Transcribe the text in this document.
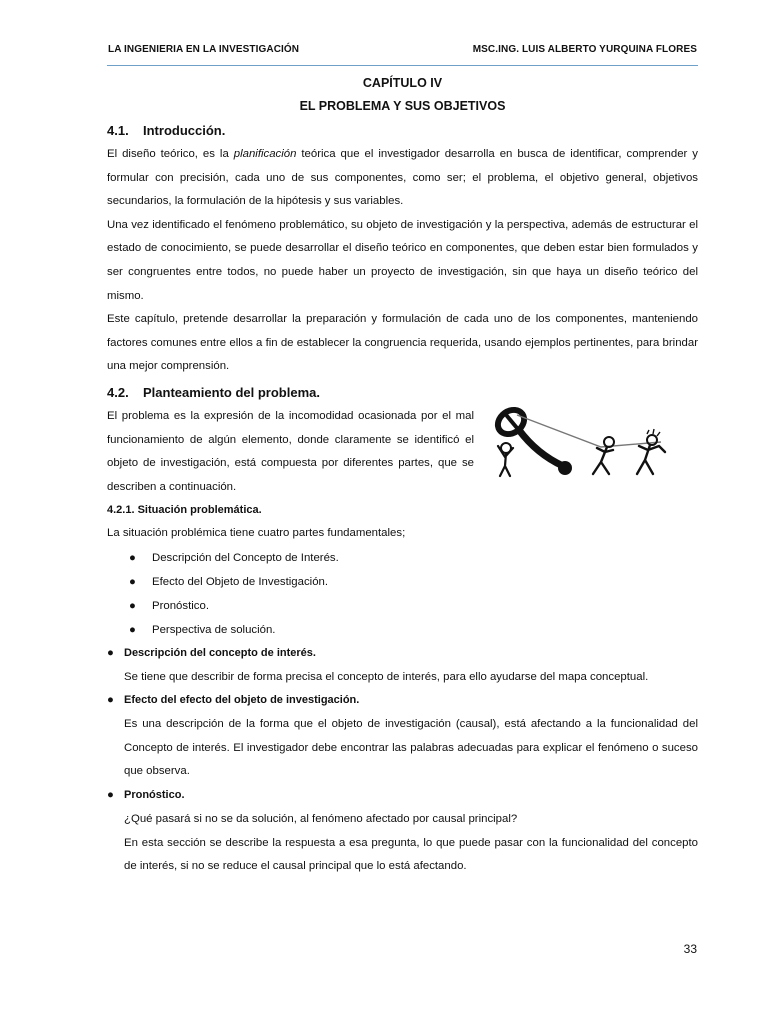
LA INGENIERIA EN LA INVESTIGACIÓN	MSC.ING. LUIS ALBERTO YURQUINA FLORES
CAPÍTULO IV
EL PROBLEMA Y SUS OBJETIVOS
4.1. Introducción.

El diseño teórico, es la planificación teórica que el investigador desarrolla en busca de identificar, comprender y formular con precisión, cada uno de sus componentes, como ser; el problema, el objetivo general, objetivos secundarios, la formulación de la hipótesis y sus variables.

Una vez identificado el fenómeno problemático, su objeto de investigación y la perspectiva, además de estructurar el estado de conocimiento, se puede desarrollar el diseño teórico en componentes, que deben estar bien formulados y ser congruentes entre todos, no puede haber un proyecto de investigación, sin que haya un diseño teórico del mismo.

Este capítulo, pretende desarrollar la preparación y formulación de cada uno de los componentes, manteniendo factores comunes entre ellos a fin de establecer la congruencia requerida, usando ejemplos pertinentes, para brindar una mejor comprensión.

4.2. Planteamiento del problema.

El problema es la expresión de la incomodidad ocasionada por el mal funcionamiento de algún elemento, donde claramente se identificó el objeto de investigación, está compuesta por diferentes partes, que se describen a continuación.

4.2.1. Situación problemática.

La situación problémica tiene cuatro partes fundamentales;

● Descripción del Concepto de Interés.
● Efecto del Objeto de Investigación.
● Pronóstico.
● Perspectiva de solución.
● Descripción del concepto de interés.

Se tiene que describir de forma precisa el concepto de interés, para ello ayudarse del mapa conceptual.

● Efecto del efecto del objeto de investigación.

Es una descripción de la forma que el objeto de investigación (causal), está afectando a la funcionalidad del Concepto de interés. El investigador debe encontrar las palabras adecuadas para explicar el fenómeno o suceso que observa.

● Pronóstico.

¿Qué pasará si no se da solución, al fenómeno afectado por causal principal?

En esta sección se describe la respuesta a esa pregunta, lo que puede pasar con la funcionalidad del concepto de interés, si no se reduce el causal principal que lo está afectando.

33
